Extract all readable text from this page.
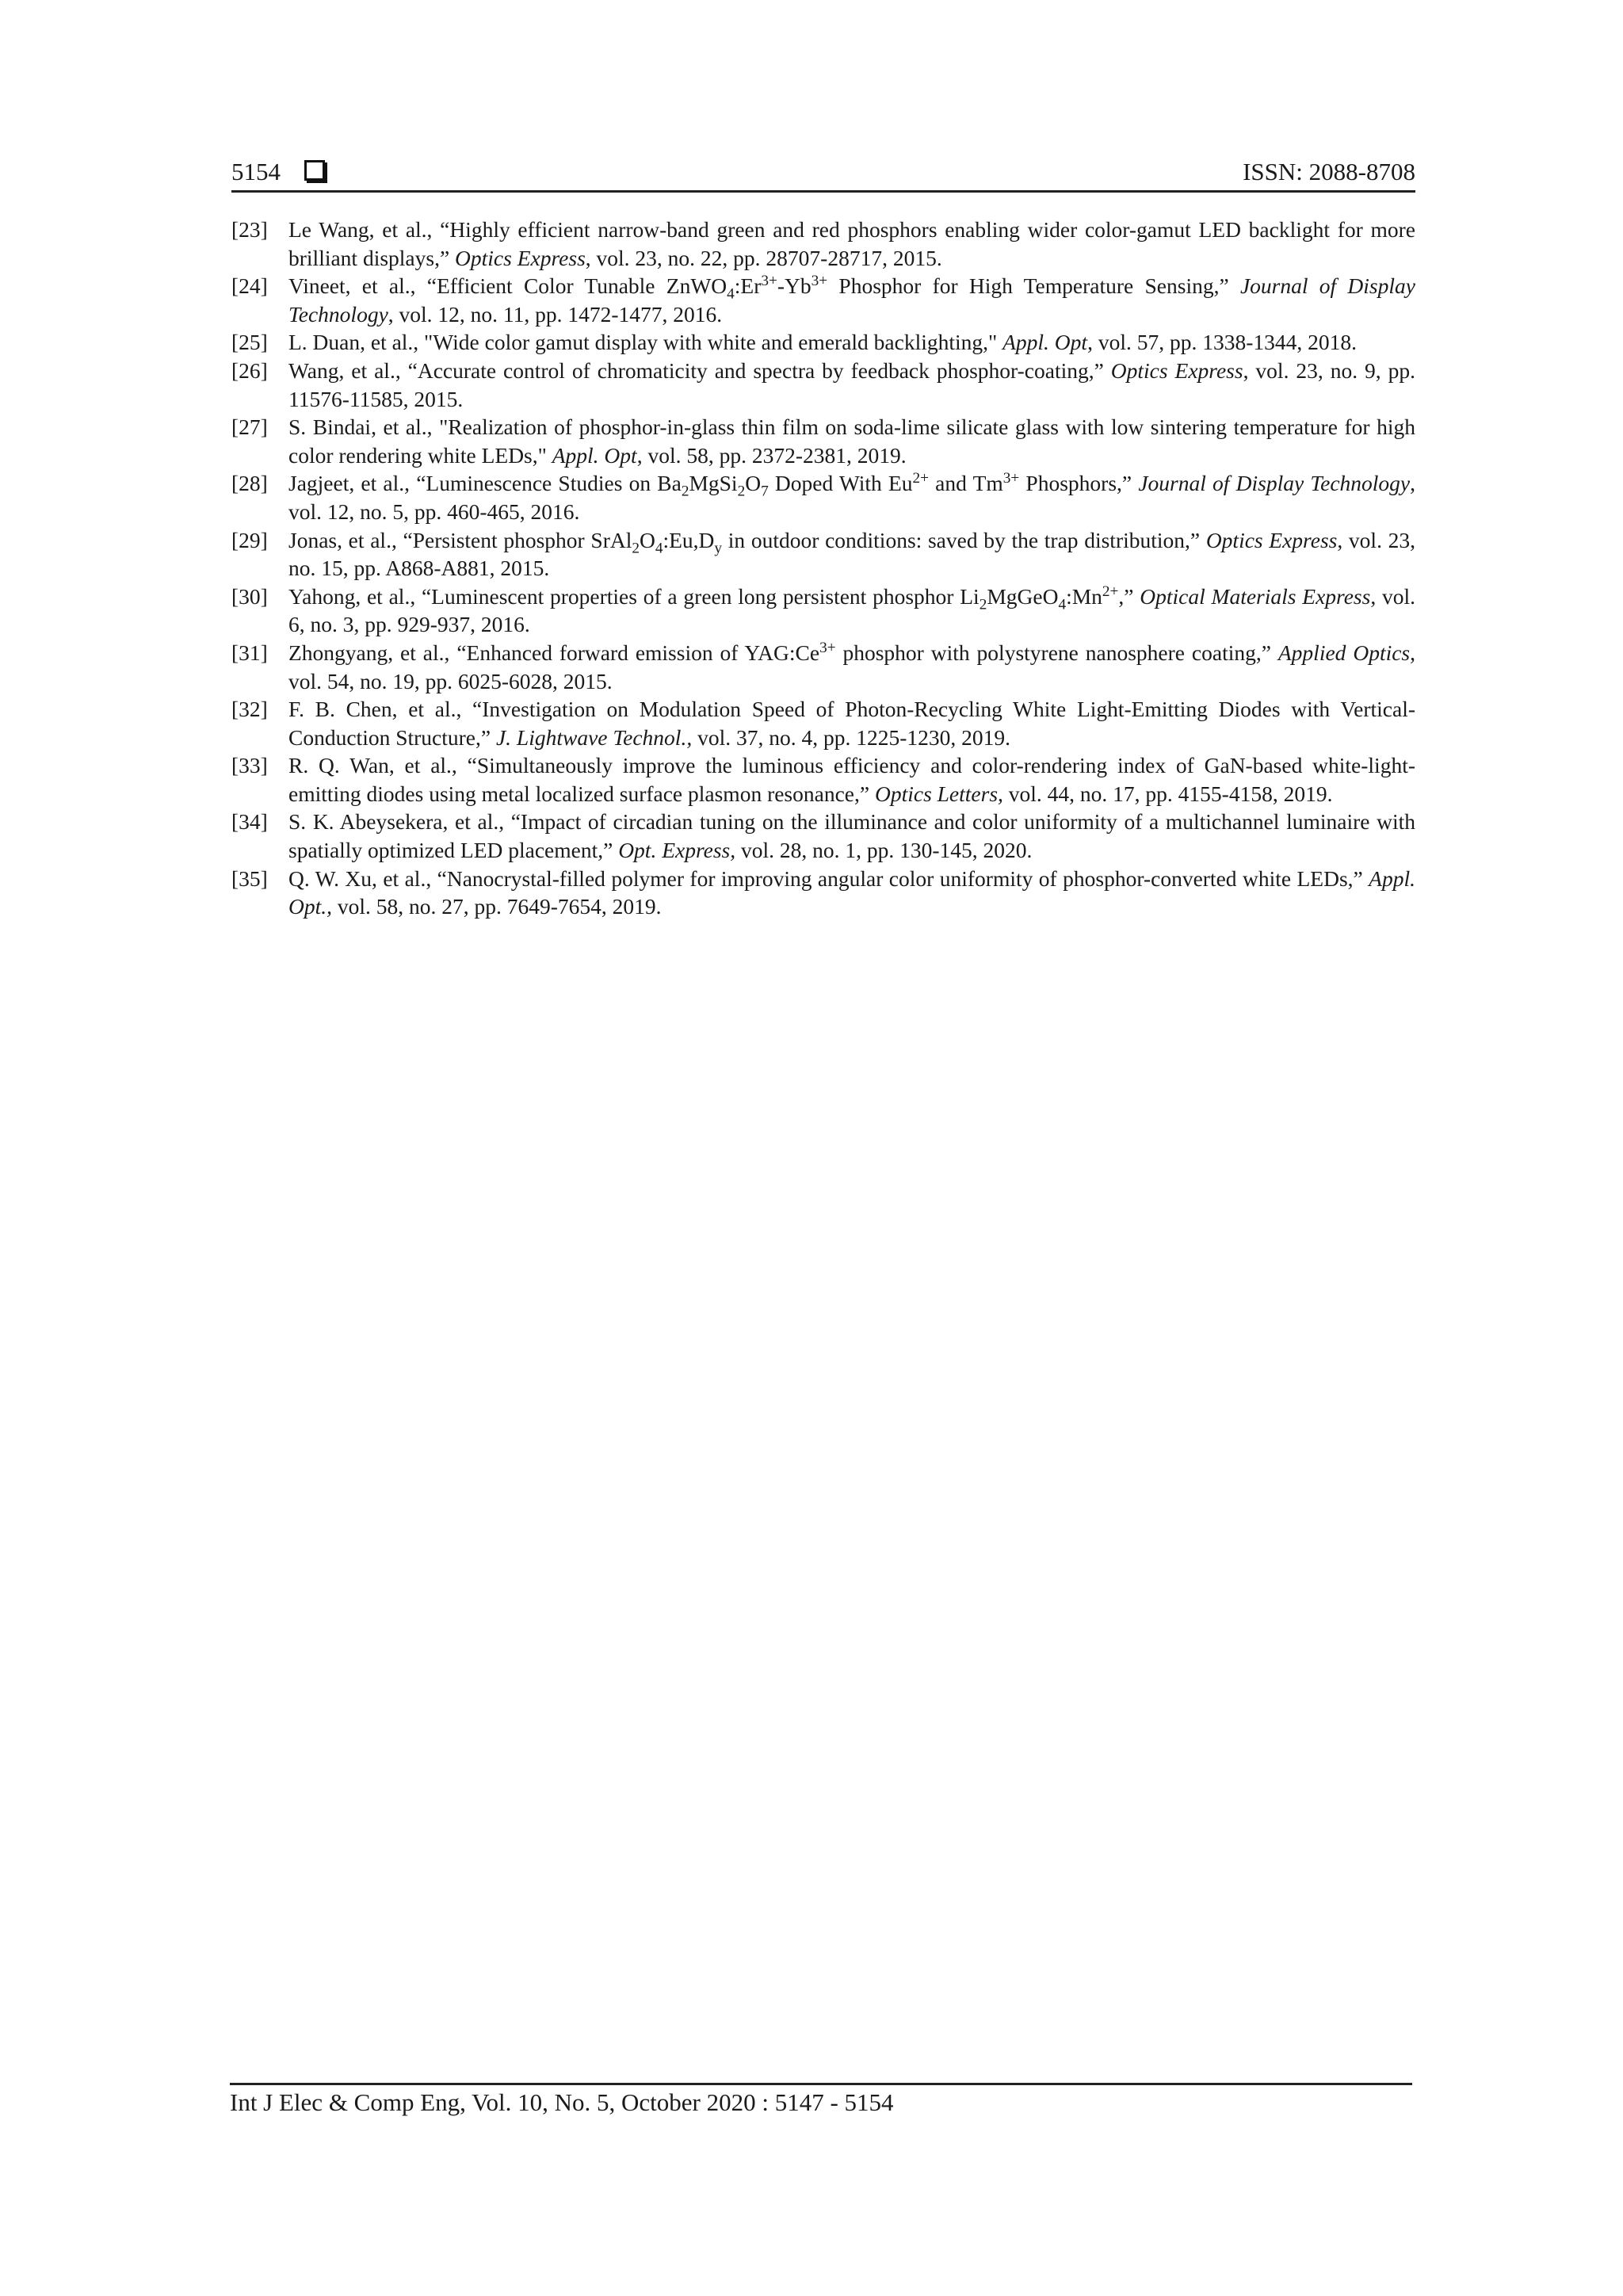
5154	ISSN: 2088-8708
[23] Le Wang, et al., “Highly efficient narrow-band green and red phosphors enabling wider color-gamut LED backlight for more brilliant displays,” Optics Express, vol. 23, no. 22, pp. 28707-28717, 2015.
[24] Vineet, et al., “Efficient Color Tunable $ZnWO_4:Er^{3+}-Yb^{3+}$ Phosphor for High Temperature Sensing,” Journal of Display Technology, vol. 12, no. 11, pp. 1472-1477, 2016.
[25] L. Duan, et al., "Wide color gamut display with white and emerald backlighting," Appl. Opt, vol. 57, pp. 1338-1344, 2018.
[26] Wang, et al., “Accurate control of chromaticity and spectra by feedback phosphor-coating,” Optics Express, vol. 23, no. 9, pp. 11576-11585, 2015.
[27] S. Bindai, et al., "Realization of phosphor-in-glass thin film on soda-lime silicate glass with low sintering temperature for high color rendering white LEDs," Appl. Opt, vol. 58, pp. 2372-2381, 2019.
[28] Jagjeet, et al., “Luminescence Studies on $Ba_2MgSi_2O_7$ Doped With $Eu^{2+}$ and $Tm^{3+}$ Phosphors,” Journal of Display Technology, vol. 12, no. 5, pp. 460-465, 2016.
[29] Jonas, et al., “Persistent phosphor $SrAl_2O_4:Eu,D_y$ in outdoor conditions: saved by the trap distribution,” Optics Express, vol. 23, no. 15, pp. A868-A881, 2015.
[30] Yahong, et al., “Luminescent properties of a green long persistent phosphor $Li_2MgGeO_4:Mn^{2+}$,” Optical Materials Express, vol. 6, no. 3, pp. 929-937, 2016.
[31] Zhongyang, et al., “Enhanced forward emission of $YAG:Ce^{3+}$ phosphor with polystyrene nanosphere coating,” Applied Optics, vol. 54, no. 19, pp. 6025-6028, 2015.
[32] F. B. Chen, et al., “Investigation on Modulation Speed of Photon-Recycling White Light-Emitting Diodes with Vertical-Conduction Structure,” J. Lightwave Technol., vol. 37, no. 4, pp. 1225-1230, 2019.
[33] R. Q. Wan, et al., “Simultaneously improve the luminous efficiency and color-rendering index of GaN-based white-light-emitting diodes using metal localized surface plasmon resonance,” Optics Letters, vol. 44, no. 17, pp. 4155-4158, 2019.
[34] S. K. Abeysekera, et al., “Impact of circadian tuning on the illuminance and color uniformity of a multichannel luminaire with spatially optimized LED placement,” Opt. Express, vol. 28, no. 1, pp. 130-145, 2020.
[35] Q. W. Xu, et al., “Nanocrystal-filled polymer for improving angular color uniformity of phosphor-converted white LEDs,” Appl. Opt., vol. 58, no. 27, pp. 7649-7654, 2019.
Int J Elec & Comp Eng, Vol. 10, No. 5, October 2020 : 5147 - 5154
